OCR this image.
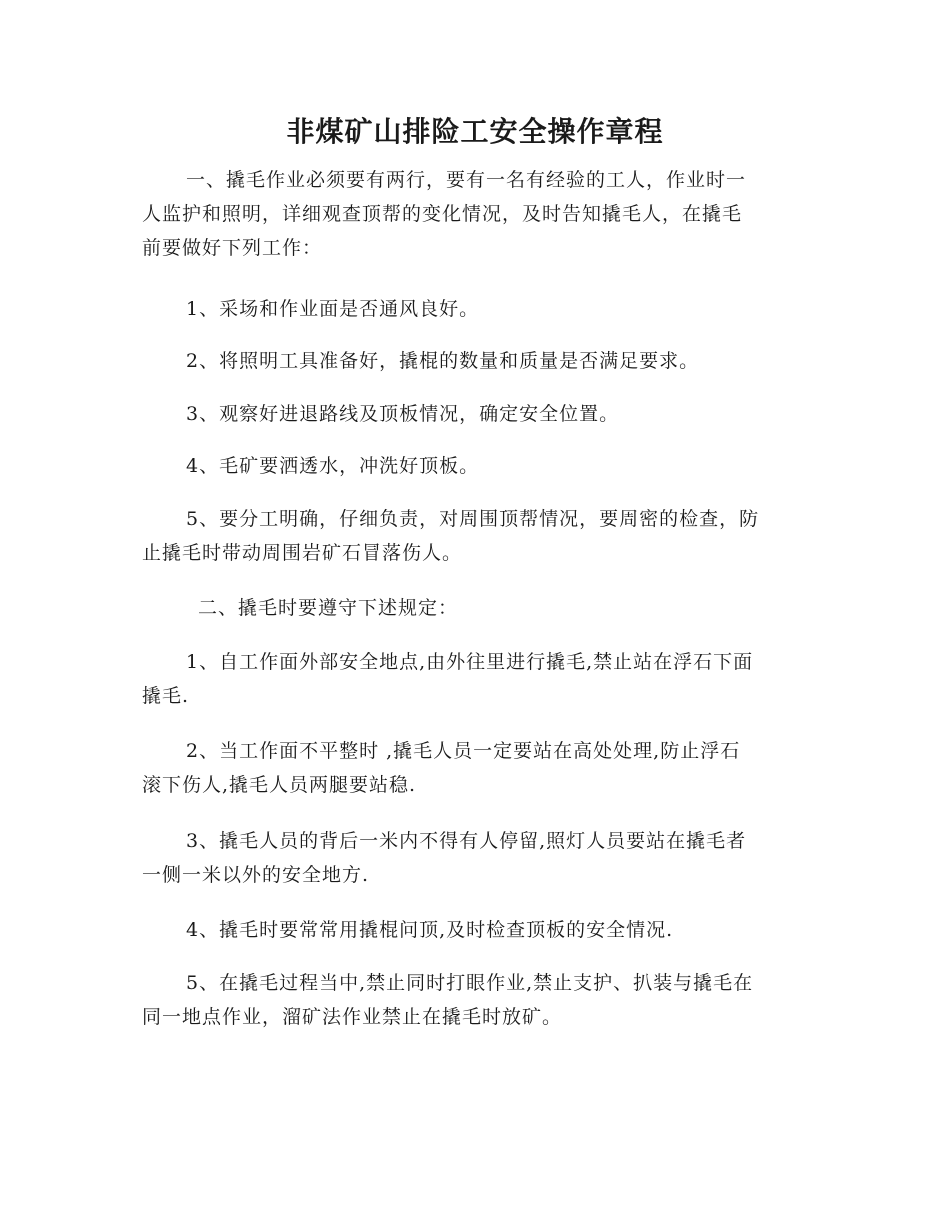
非煤矿山排险工安全操作章程

一、撬毛作业必须要有两行，要有一名有经验的工人，作业时一
人监护和照明，详细观查顶帮的变化情况，及时告知撬毛人，在撬毛
前要做好下列工作：

1、采场和作业面是否通风良好。

2、将照明工具准备好，撬棍的数量和质量是否满足要求。

3、观察好进退路线及顶板情况，确定安全位置。

4、毛矿要洒透水，冲洗好顶板。

5、要分工明确，仔细负责，对周围顶帮情况，要周密的检查，防
止撬毛时带动周围岩矿石冒落伤人。

二、撬毛时要遵守下述规定：

1、自工作面外部安全地点,由外往里进行撬毛,禁止站在浮石下面
撬毛.

2、当工作面不平整时 ,撬毛人员一定要站在高处处理,防止浮石
滚下伤人,撬毛人员两腿要站稳.

3、撬毛人员的背后一米内不得有人停留,照灯人员要站在撬毛者
一侧一米以外的安全地方.

4、撬毛时要常常用撬棍问顶,及时检查顶板的安全情况.

5、在撬毛过程当中,禁止同时打眼作业,禁止支护、扒装与撬毛在
同一地点作业，溜矿法作业禁止在撬毛时放矿。
